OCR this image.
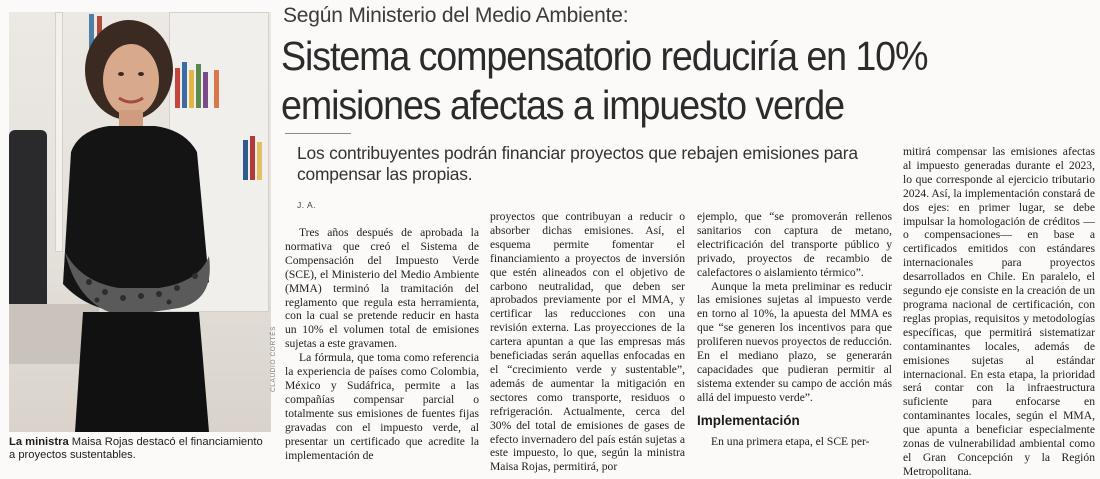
CLAUDIO CORTÉS
La ministra Maisa Rojas destacó el financiamiento a proyectos sustentables.
Según Ministerio del Medio Ambiente:
Sistema compensatorio reduciría en 10%
emisiones afectas a impuesto verde
Los contribuyentes podrán financiar proyectos que rebajen emisiones para compensar las propias.
J. A.

Tres años después de aprobada la normativa que creó el Sistema de Compensación del Impuesto Verde (SCE), el Ministerio del Medio Ambiente (MMA) terminó la tramitación del reglamento que regula esta herramienta, con la cual se pretende reducir en hasta un 10% el volumen total de emisiones sujetas a este gravamen.

La fórmula, que toma como referencia la experiencia de países como Colombia, México y Sudáfrica, permite a las compañías compensar parcial o totalmente sus emisiones de fuentes fijas gravadas con el impuesto verde, al presentar un certificado que acredite la implementación de

proyectos que contribuyan a reducir o absorber dichas emisiones. Así, el esquema permite fomentar el financiamiento a proyectos de inversión que estén alineados con el objetivo de carbono neutralidad, que deben ser aprobados previamente por el MMA, y certificar las reducciones con una revisión externa. Las proyecciones de la cartera apuntan a que las empresas más beneficiadas serán aquellas enfocadas en el “crecimiento verde y sustentable”, además de aumentar la mitigación en sectores como transporte, residuos o refrigeración. Actualmente, cerca del 30% del total de emisiones de gases de efecto invernadero del país están sujetas a este impuesto, lo que, según la ministra Maisa Rojas, permitirá, por

ejemplo, que “se promoverán rellenos sanitarios con captura de metano, electrificación del transporte público y privado, proyectos de recambio de calefactores o aislamiento térmico”.

Aunque la meta preliminar es reducir las emisiones sujetas al impuesto verde en torno al 10%, la apuesta del MMA es que “se generen los incentivos para que proliferen nuevos proyectos de reducción. En el mediano plazo, se generarán capacidades que pudieran permitir al sistema extender su campo de acción más allá del impuesto verde”.

Implementación

En una primera etapa, el SCE per-

mitirá compensar las emisiones afectas al impuesto generadas durante el 2023, lo que corresponde al ejercicio tributario 2024. Así, la implementación constará de dos ejes: en primer lugar, se debe impulsar la homologación de créditos —o compensaciones— en base a certificados emitidos con estándares internacionales para proyectos desarrollados en Chile. En paralelo, el segundo eje consiste en la creación de un programa nacional de certificación, con reglas propias, requisitos y metodologías específicas, que permitirá sistematizar contaminantes locales, además de emisiones sujetas al estándar internacional. En esta etapa, la prioridad será contar con la infraestructura suficiente para enfocarse en contaminantes locales, según el MMA, que apunta a beneficiar especialmente zonas de vulnerabilidad ambiental como el Gran Concepción y la Región Metropolitana.
